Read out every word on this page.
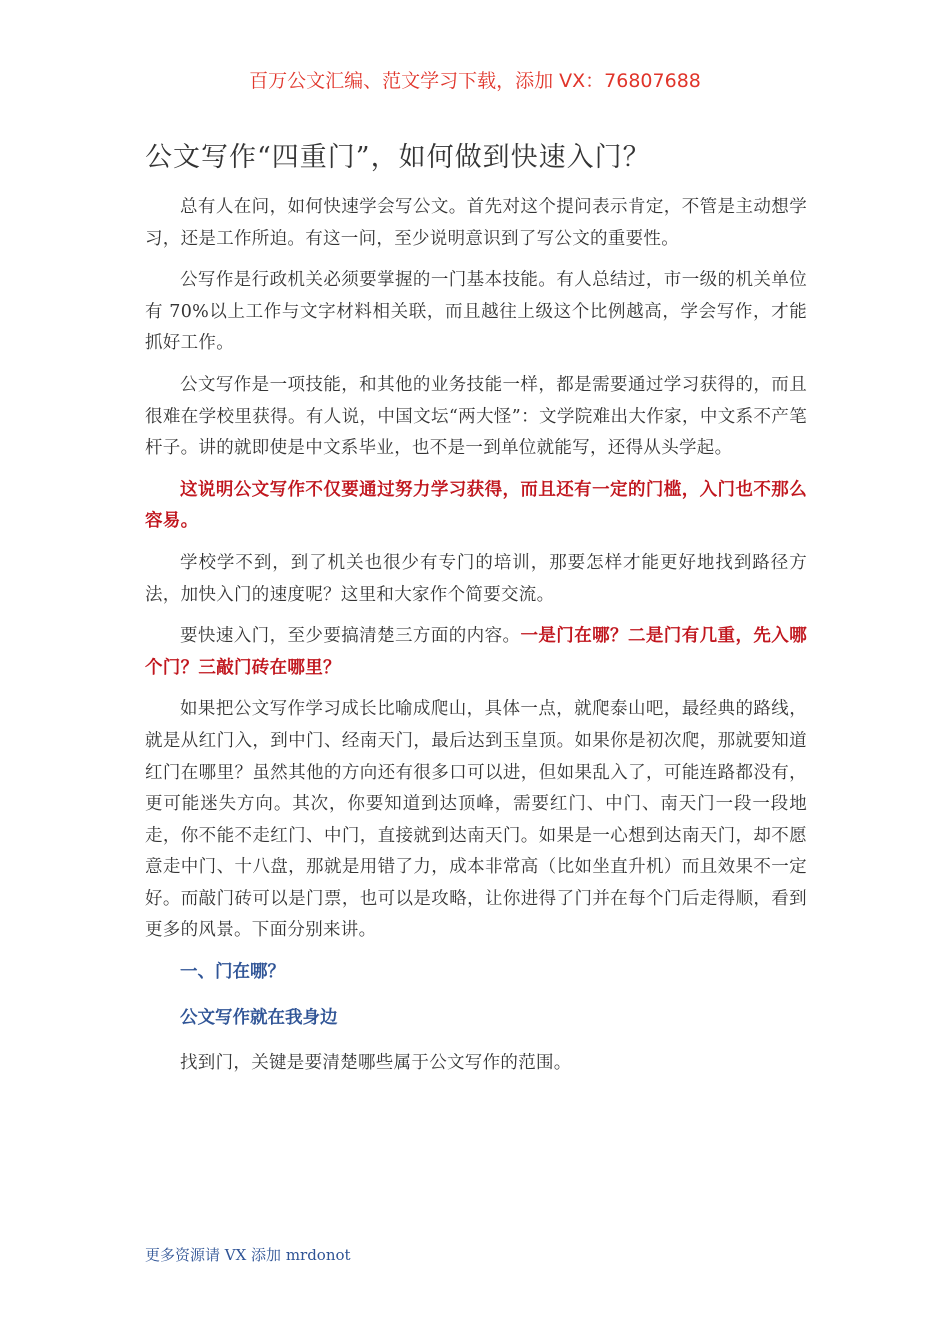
百万公文汇编、范文学习下载，添加 VX：76807688
公文写作“四重门”，如何做到快速入门？

总有人在问，如何快速学会写公文。首先对这个提问表示肯定，不管是主动想学习，还是工作所迫。有这一问，至少说明意识到了写公文的重要性。

公写作是行政机关必须要掌握的一门基本技能。有人总结过，市一级的机关单位有 70%以上工作与文字材料相关联，而且越往上级这个比例越高，学会写作，才能抓好工作。

公文写作是一项技能，和其他的业务技能一样，都是需要通过学习获得的，而且很难在学校里获得。有人说，中国文坛“两大怪”：文学院难出大作家，中文系不产笔杆子。讲的就即使是中文系毕业，也不是一到单位就能写，还得从头学起。

这说明公文写作不仅要通过努力学习获得，而且还有一定的门槛，入门也不那么容易。

学校学不到，到了机关也很少有专门的培训，那要怎样才能更好地找到路径方法，加快入门的速度呢？这里和大家作个简要交流。

要快速入门，至少要搞清楚三方面的内容。一是门在哪？二是门有几重，先入哪个门？三敲门砖在哪里？

如果把公文写作学习成长比喻成爬山，具体一点，就爬泰山吧，最经典的路线，就是从红门入，到中门、经南天门，最后达到玉皇顶。如果你是初次爬，那就要知道红门在哪里？虽然其他的方向还有很多口可以进，但如果乱入了，可能连路都没有，更可能迷失方向。其次，你要知道到达顶峰，需要红门、中门、南天门一段一段地走，你不能不走红门、中门，直接就到达南天门。如果是一心想到达南天门，却不愿意走中门、十八盘，那就是用错了力，成本非常高（比如坐直升机）而且效果不一定好。而敲门砖可以是门票，也可以是攻略，让你进得了门并在每个门后走得顺，看到更多的风景。下面分别来讲。

一、门在哪？

公文写作就在我身边

找到门，关键是要清楚哪些属于公文写作的范围。

更多资源请 VX 添加 mrdonot
